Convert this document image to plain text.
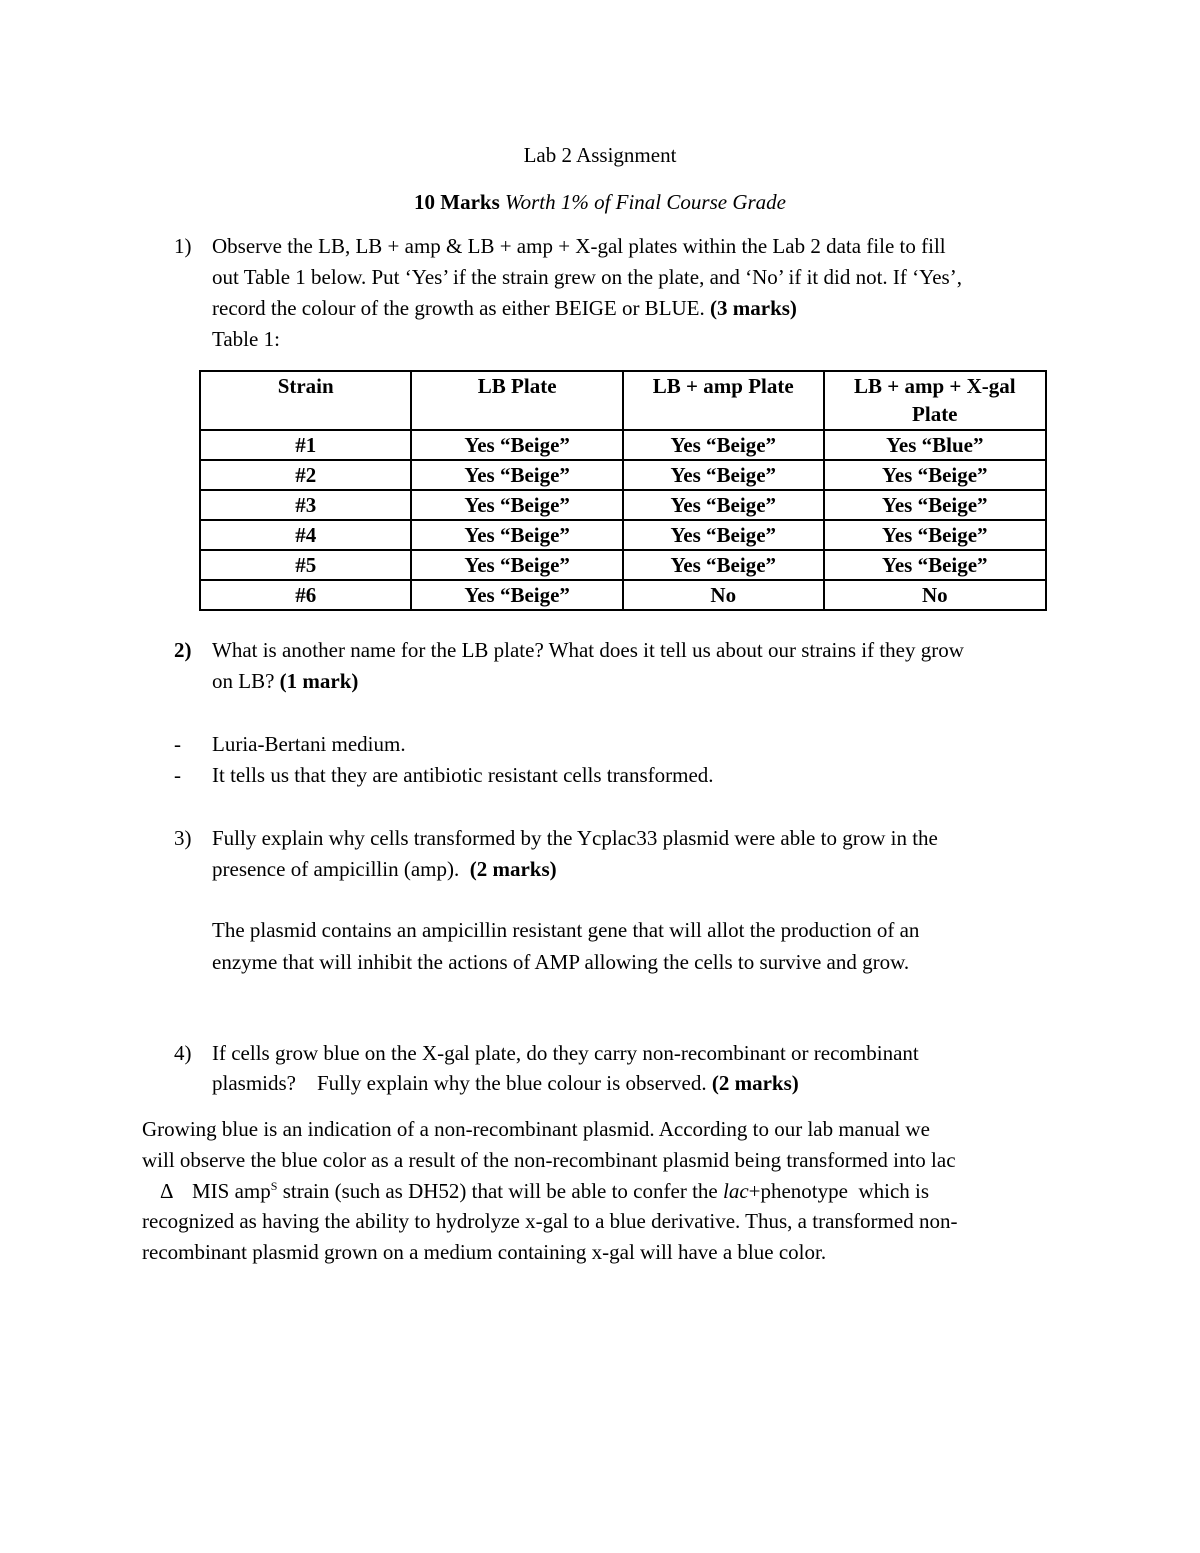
Lab 2 Assignment
10 Marks Worth 1% of Final Course Grade
1) Observe the LB, LB + amp & LB + amp + X-gal plates within the Lab 2 data file to fill
out Table 1 below. Put ‘Yes’ if the strain grew on the plate, and ‘No’ if it did not. If ‘Yes’,
record the colour of the growth as either BEIGE or BLUE. (3 marks)
Table 1:
Strain	LB Plate	LB + amp Plate	LB + amp + X-gal
Plate
#1	Yes “Beige”	Yes “Beige”	Yes “Blue”
#2	Yes “Beige”	Yes “Beige”	Yes “Beige”
#3	Yes “Beige”	Yes “Beige”	Yes “Beige”
#4	Yes “Beige”	Yes “Beige”	Yes “Beige”
#5	Yes “Beige”	Yes “Beige”	Yes “Beige”
#6	Yes “Beige”	No	No
2) What is another name for the LB plate? What does it tell us about our strains if they grow
on LB? (1 mark)
- Luria-Bertani medium.
- It tells us that they are antibiotic resistant cells transformed.
3) Fully explain why cells transformed by the Ycplac33 plasmid were able to grow in the
presence of ampicillin (amp). (2 marks)
The plasmid contains an ampicillin resistant gene that will allot the production of an
enzyme that will inhibit the actions of AMP allowing the cells to survive and grow.
4) If cells grow blue on the X-gal plate, do they carry non-recombinant or recombinant
plasmids?    Fully explain why the blue colour is observed. (2 marks)
Growing blue is an indication of a non-recombinant plasmid. According to our lab manual we
will observe the blue color as a result of the non-recombinant plasmid being transformed into lac
Δ MIS amp$^S$ strain (such as DH52) that will be able to confer the lac+phenotype  which is
recognized as having the ability to hydrolyze x-gal to a blue derivative. Thus, a transformed non-
recombinant plasmid grown on a medium containing x-gal will have a blue color.
